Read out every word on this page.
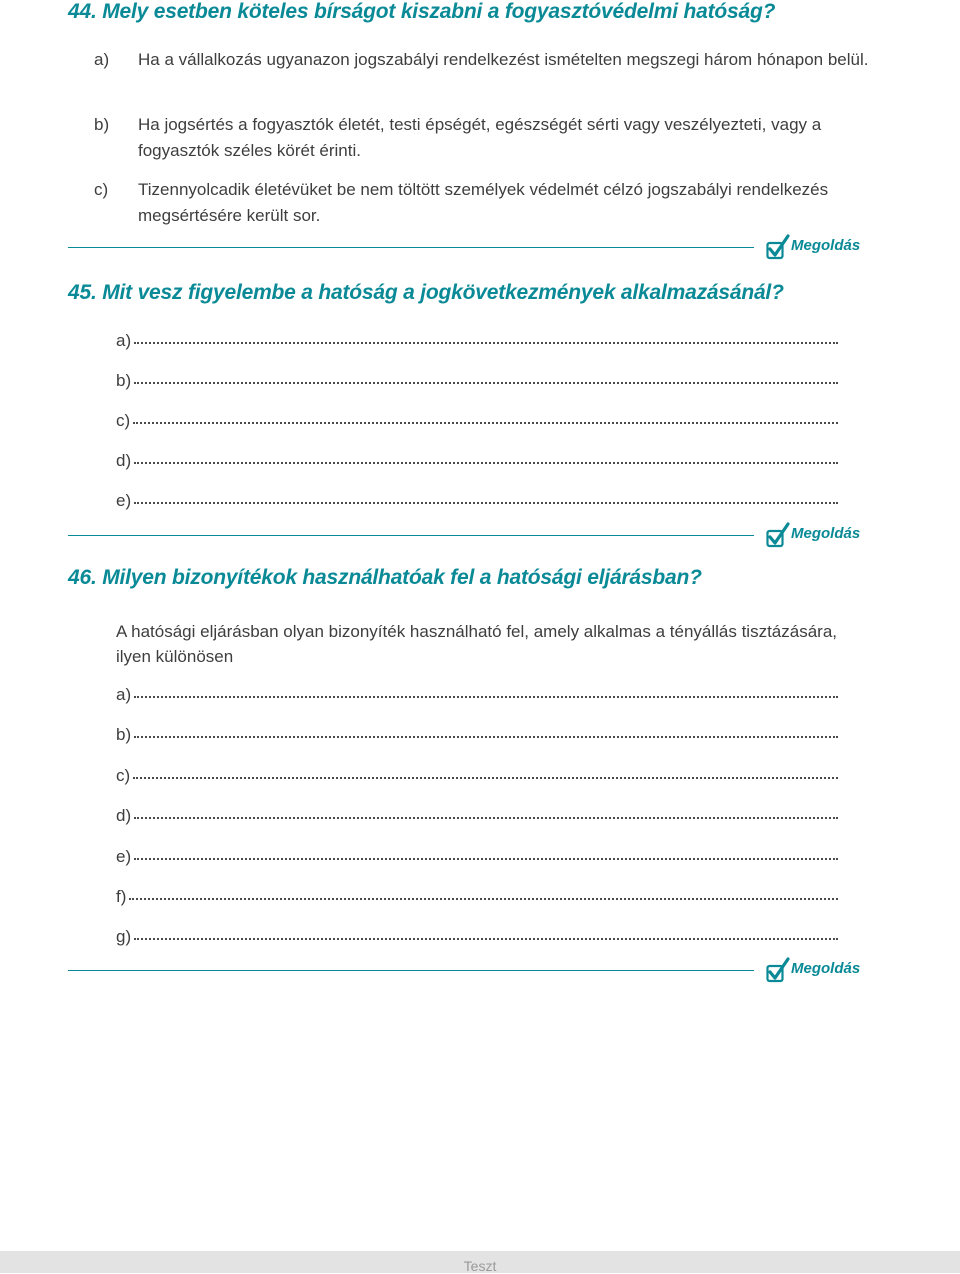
44. Mely esetben köteles bírságot kiszabni a fogyasztóvédelmi hatóság?
a) Ha a vállalkozás ugyanazon jogszabályi rendelkezést ismételten megszegi három hónapon belül.
b) Ha jogsértés a fogyasztók életét, testi épségét, egészségét sérti vagy veszélyezteti, vagy a fogyasztók széles körét érinti.
c) Tizennyolcadik életévüket be nem töltött személyek védelmét célzó jogszabályi rendelkezés megsértésére került sor.
Megoldás
45. Mit vesz figyelembe a hatóság a jogkövetkezmények alkalmazásánál?
a)
b)
c)
d)
e)
Megoldás
46. Milyen bizonyítékok használhatóak fel a hatósági eljárásban?
A hatósági eljárásban olyan bizonyíték használható fel, amely alkalmas a tényállás tisztázására, ilyen különösen
a)
b)
c)
d)
e)
f)
g)
Megoldás
Teszt
